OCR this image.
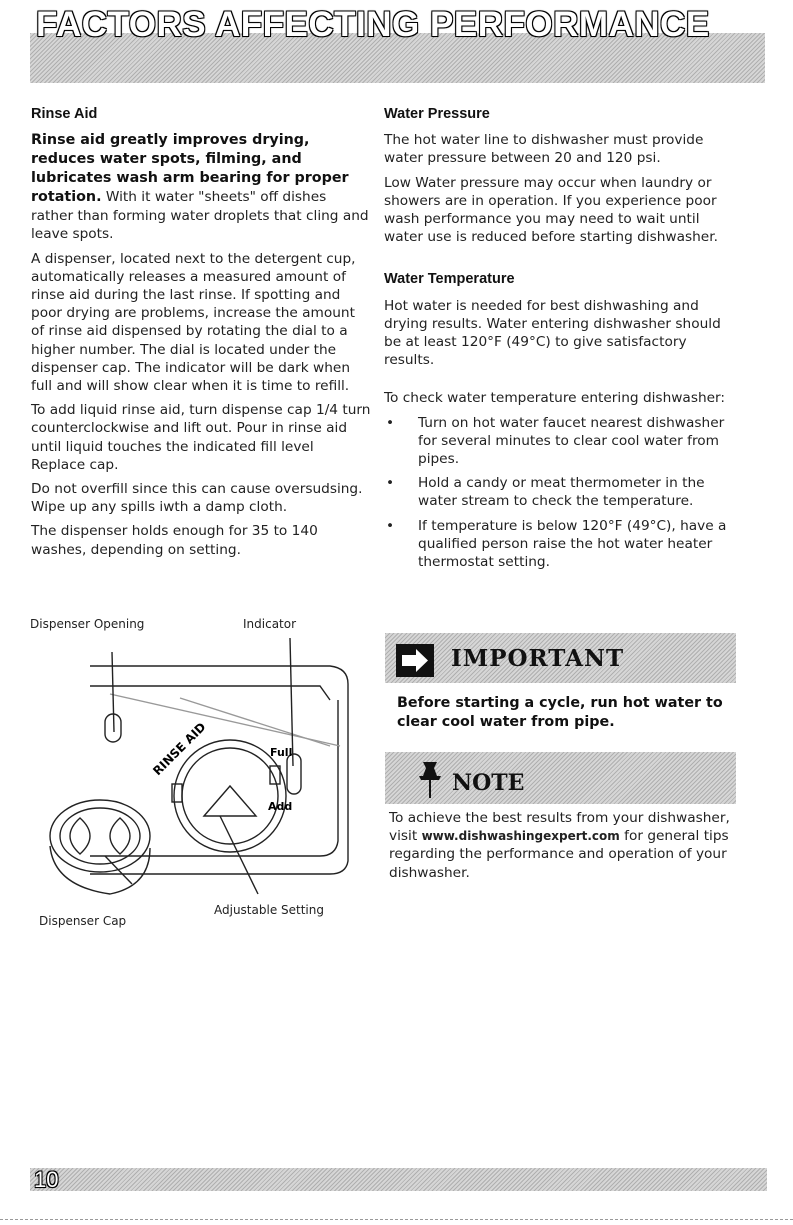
FACTORS AFFECTING PERFORMANCE
Rinse Aid

Rinse aid greatly improves drying, reduces water spots, filming, and lubricates wash arm bearing for proper rotation. With it water "sheets" off dishes rather than forming water droplets that cling and leave spots.

A dispenser, located next to the detergent cup, automatically releases a measured amount of rinse aid during the last rinse. If spotting and poor drying are problems, increase the amount of rinse aid dispensed by rotating the dial to a higher number. The dial is located under the dispenser cap. The indicator will be dark when full and will show clear when it is time to refill.

To add liquid rinse aid, turn dispense cap 1/4 turn counterclockwise and lift out. Pour in rinse aid until liquid touches the indicated fill level Replace cap.

Do not overfill since this can cause oversudsing. Wipe up any spills iwth a damp cloth.

The dispenser holds enough for 35 to 140 washes, depending on setting.

Dispenser Opening	Indicator
RINSE AID	Full
Add
Adjustable Setting
Dispenser Cap
Water Pressure

The hot water line to dishwasher must provide water pressure between 20 and 120 psi.

Low Water pressure may occur when laundry or showers are in operation. If you experience poor wash performance you may need to wait until water use is reduced before starting dishwasher.

Water Temperature

Hot water is needed for best dishwashing and drying results. Water entering dishwasher should be at least 120°F (49°C) to give satisfactory results.

To check water temperature entering dishwasher:

• Turn on hot water faucet nearest dishwasher for several minutes to clear cool water from pipes.
• Hold a candy or meat thermometer in the water stream to check the temperature.
• If temperature is below 120°F (49°C), have a qualified person raise the hot water heater thermostat setting.
IMPORTANT
Before starting a cycle, run hot water to clear cool water from pipe.
NOTE
To achieve the best results from your dishwasher, visit www.dishwashingexpert.com for general tips regarding the performance and operation of your dishwasher.
10
